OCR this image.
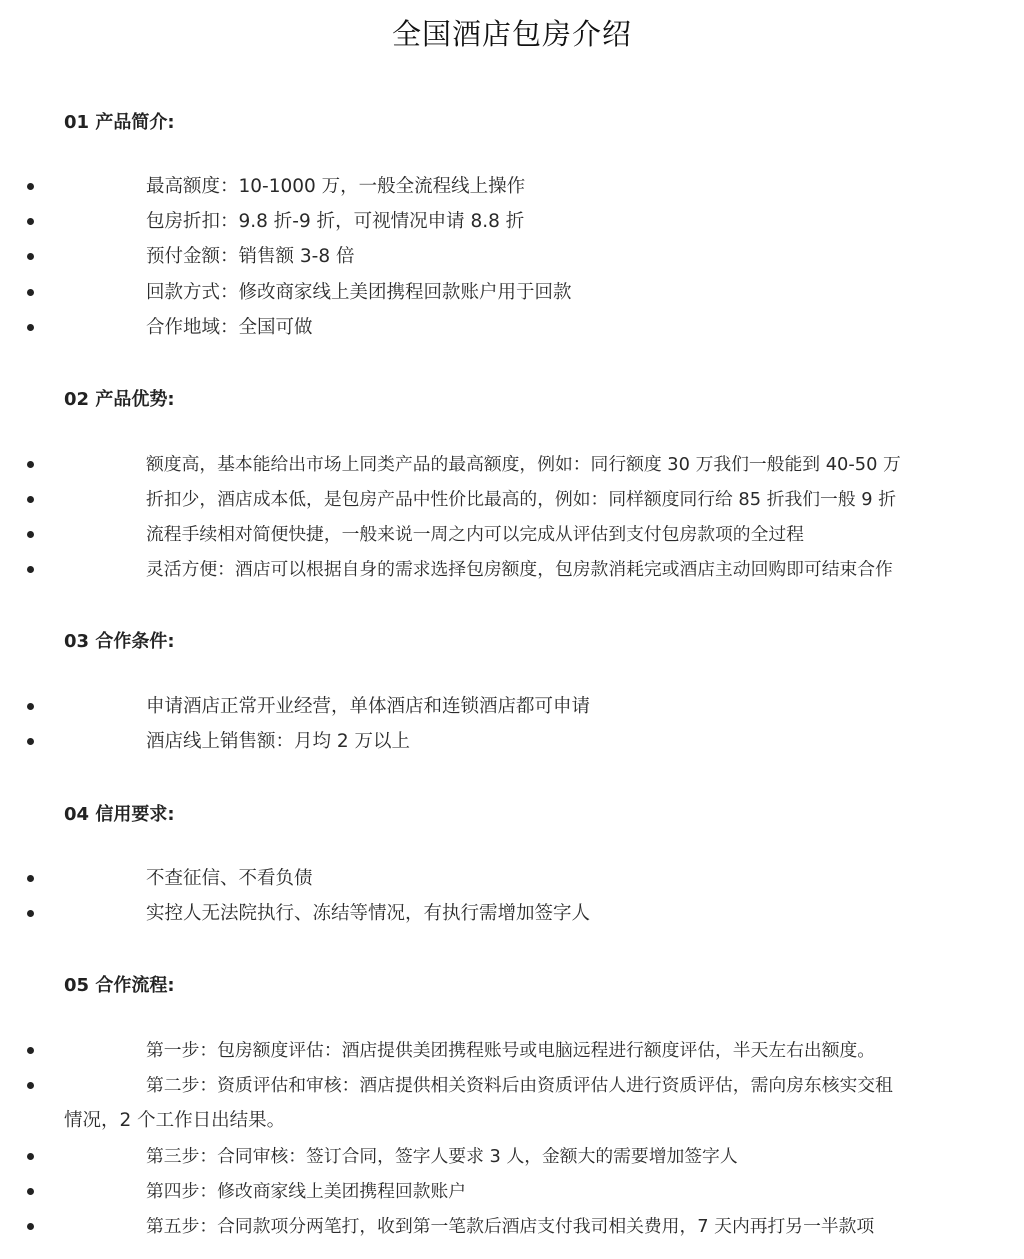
全国酒店包房介绍
01 产品简介:
最高额度：10-1000 万，一般全流程线上操作
包房折扣：9.8 折-9 折，可视情况申请 8.8 折
预付金额：销售额 3-8 倍
回款方式：修改商家线上美团携程回款账户用于回款
合作地域：全国可做
02 产品优势:
额度高，基本能给出市场上同类产品的最高额度，例如：同行额度 30 万我们一般能到 40-50 万
折扣少，酒店成本低，是包房产品中性价比最高的，例如：同样额度同行给 85 折我们一般 9 折
流程手续相对简便快捷，一般来说一周之内可以完成从评估到支付包房款项的全过程
灵活方便：酒店可以根据自身的需求选择包房额度，包房款消耗完或酒店主动回购即可结束合作
03 合作条件:
申请酒店正常开业经营，单体酒店和连锁酒店都可申请
酒店线上销售额：月均 2 万以上
04 信用要求:
不查征信、不看负债
实控人无法院执行、冻结等情况，有执行需增加签字人
05 合作流程:
第一步：包房额度评估：酒店提供美团携程账号或电脑远程进行额度评估，半天左右出额度。
第二步：资质评估和审核：酒店提供相关资料后由资质评估人进行资质评估，需向房东核实交租
情况，2 个工作日出结果。
第三步：合同审核：签订合同，签字人要求 3 人，金额大的需要增加签字人
第四步：修改商家线上美团携程回款账户
第五步：合同款项分两笔打，收到第一笔款后酒店支付我司相关费用，7 天内再打另一半款项
